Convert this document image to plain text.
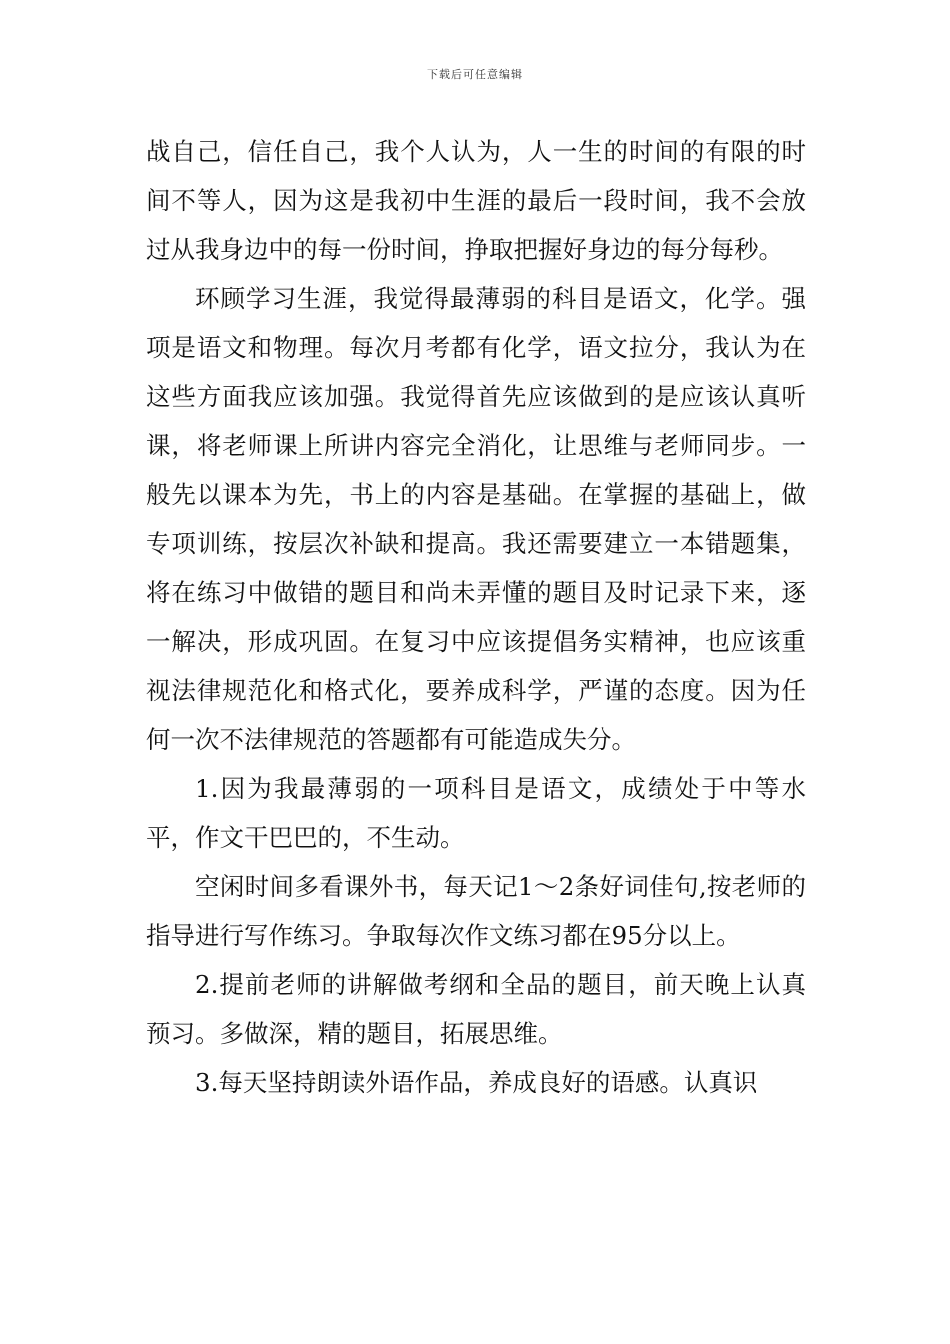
下载后可任意编辑

战自己，信任自己，我个人认为，人一生的时间的有限的时间不等人，因为这是我初中生涯的最后一段时间，我不会放过从我身边中的每一份时间，挣取把握好身边的每分每秒。

环顾学习生涯，我觉得最薄弱的科目是语文，化学。强项是语文和物理。每次月考都有化学，语文拉分，我认为在这些方面我应该加强。我觉得首先应该做到的是应该认真听课，将老师课上所讲内容完全消化，让思维与老师同步。一般先以课本为先，书上的内容是基础。在掌握的基础上，做专项训练，按层次补缺和提高。我还需要建立一本错题集，将在练习中做错的题目和尚未弄懂的题目及时记录下来，逐一解决，形成巩固。在复习中应该提倡务实精神，也应该重视法律规范化和格式化，要养成科学，严谨的态度。因为任何一次不法律规范的答题都有可能造成失分。

1.因为我最薄弱的一项科目是语文，成绩处于中等水平，作文干巴巴的，不生动。

空闲时间多看课外书，每天记1～2条好词佳句,按老师的指导进行写作练习。争取每次作文练习都在95分以上。

2.提前老师的讲解做考纲和全品的题目，前天晚上认真预习。多做深，精的题目，拓展思维。

3.每天坚持朗读外语作品，养成良好的语感。认真识
